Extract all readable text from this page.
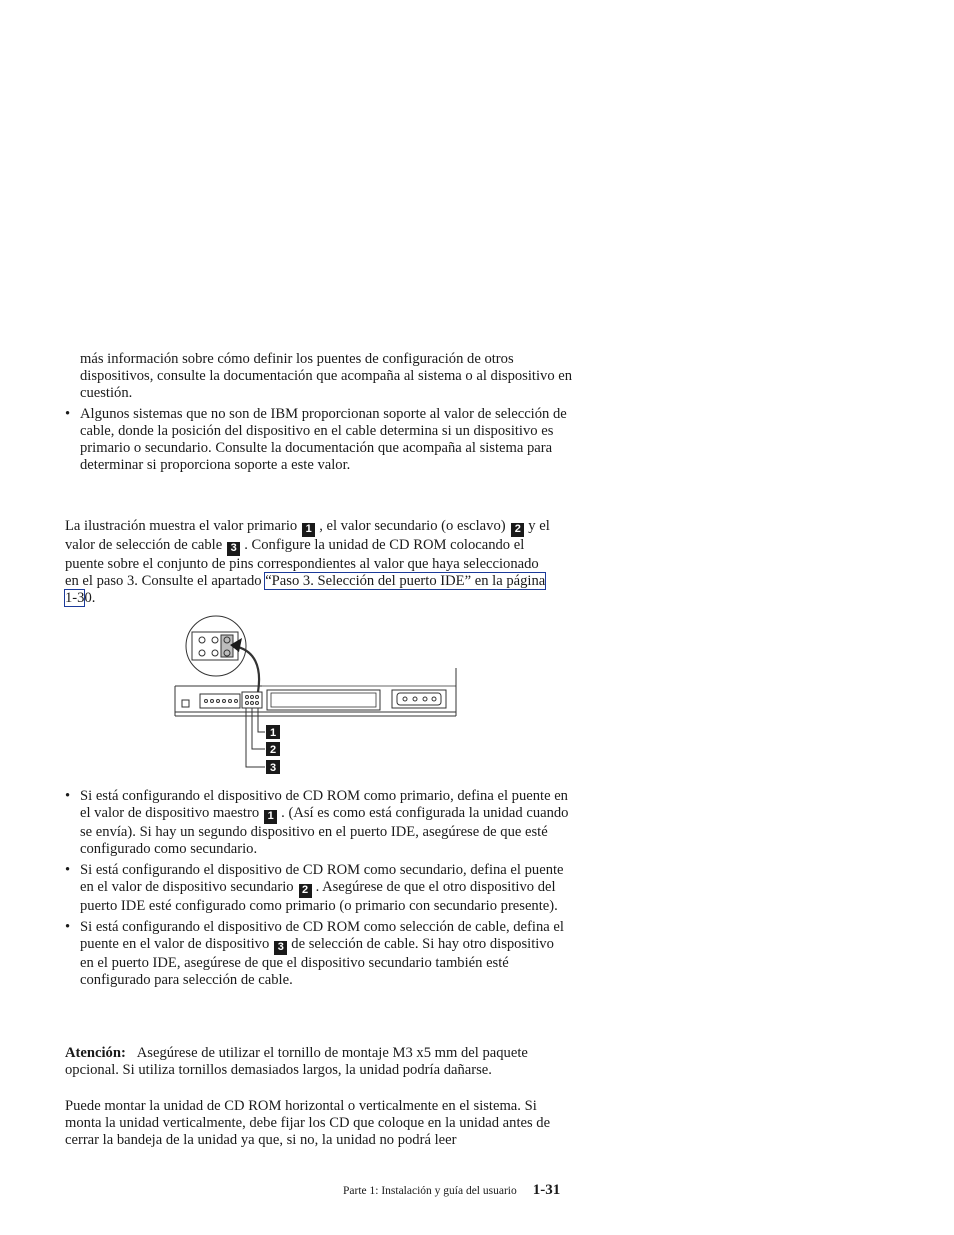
más información sobre cómo definir los puentes de configuración de otros dispositivos, consulte la documentación que acompaña al sistema o al dispositivo en cuestión.

• Algunos sistemas que no son de IBM proporcionan soporte al valor de selección de cable, donde la posición del dispositivo en el cable determina si un dispositivo es primario o secundario. Consulte la documentación que acompaña al sistema para determinar si proporciona soporte a este valor.

La ilustración muestra el valor primario 1 , el valor secundario (o esclavo) 2 y el valor de selección de cable 3 . Configure la unidad de CD ROM colocando el puente sobre el conjunto de pins correspondientes al valor que haya seleccionado en el paso 3. Consulte el apartado “Paso 3. Selección del puerto IDE” en la página 1-30.

1
2
3
• Si está configurando el dispositivo de CD ROM como primario, defina el puente en el valor de dispositivo maestro 1 . (Así es como está configurada la unidad cuando se envía). Si hay un segundo dispositivo en el puerto IDE, asegúrese de que esté configurado como secundario.
• Si está configurando el dispositivo de CD ROM como secundario, defina el puente en el valor de dispositivo secundario 2 . Asegúrese de que el otro dispositivo del puerto IDE esté configurado como primario (o primario con secundario presente).
• Si está configurando el dispositivo de CD ROM como selección de cable, defina el puente en el valor de dispositivo 3 de selección de cable. Si hay otro dispositivo en el puerto IDE, asegúrese de que el dispositivo secundario también esté configurado para selección de cable.

Atención: Asegúrese de utilizar el tornillo de montaje M3 x5 mm del paquete opcional. Si utiliza tornillos demasiados largos, la unidad podría dañarse.

Puede montar la unidad de CD ROM horizontal o verticalmente en el sistema. Si monta la unidad verticalmente, debe fijar los CD que coloque en la unidad antes de cerrar la bandeja de la unidad ya que, si no, la unidad no podrá leer

Parte 1: Instalación y guía del usuario 1-31
